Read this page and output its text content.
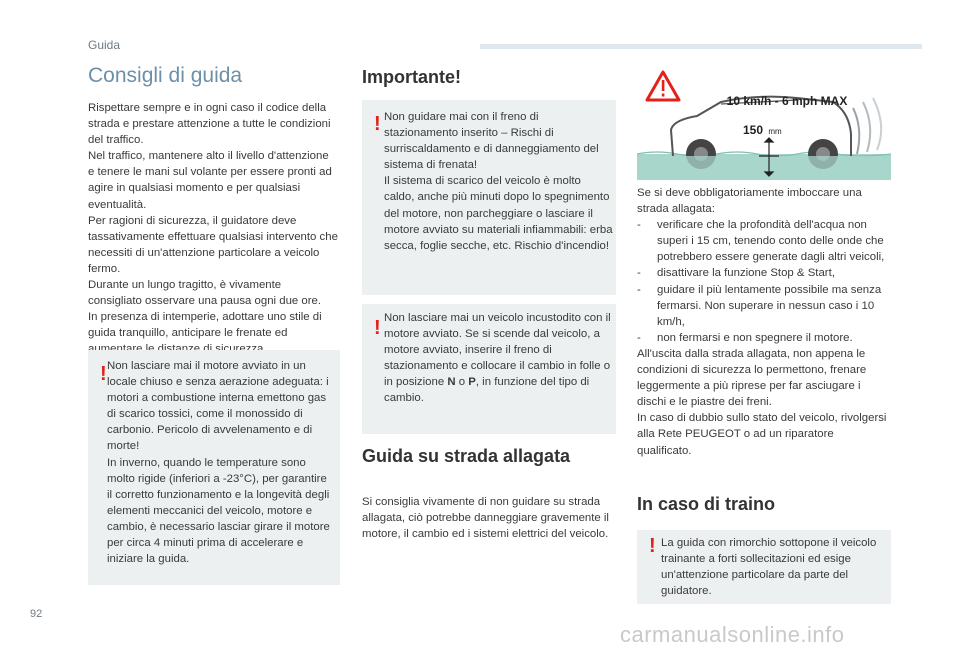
Guida
Consigli di guida

Rispettare sempre e in ogni caso il codice della strada e prestare attenzione a tutte le condizioni del traffico.

Nel traffico, mantenere alto il livello d'attenzione e tenere le mani sul volante per essere pronti ad agire in qualsiasi momento e per qualsiasi eventualità.

Per ragioni di sicurezza, il guidatore deve tassativamente effettuare qualsiasi intervento che necessiti di un'attenzione particolare a veicolo fermo.

Durante un lungo tragitto, è vivamente consigliato osservare una pausa ogni due ore.

In presenza di intemperie, adottare uno stile di guida tranquillo, anticipare le frenate ed

! Non lasciare mai il motore avviato in un locale chiuso e senza aerazione adeguata: i motori a combustione interna emettono gas di scarico tossici, come il monossido di carbonio. Pericolo di avvelenamento e di morte!

In inverno, quando le temperature sono molto rigide (inferiori a -23°C), per garantire il corretto funzionamento e la longevità degli elementi meccanici del veicolo, motore e cambio, è necessario lasciar girare il motore per circa 4 minuti prima di accelerare e iniziare la guida.

Importante!
! Non guidare mai con il freno di stazionamento inserito – Rischi di surriscaldamento e di danneggiamento del sistema di frenata!

Il sistema di scarico del veicolo è molto caldo, anche più minuti dopo lo spegnimento del motore, non parcheggiare o lasciare il motore avviato su materiali infiammabili: erba secca, foglie secche, etc. Rischio d'incendio!

! Non lasciare mai un veicolo incustodito con il motore avviato. Se si scende dal veicolo, a motore avviato, inserire il freno di stazionamento e collocare il cambio in folle o in posizione N o P, in funzione del tipo di cambio.
Guida su strada allagata
Si consiglia vivamente di non guidare su strada allagata, ciò potrebbe danneggiare gravemente il motore, il cambio ed i sistemi elettrici del veicolo.
10 km/h - 6 mph MAX
150 mm

Se si deve obbligatoriamente imboccare una strada allagata:

- verificare che la profondità dell'acqua non superi i 15 cm, tenendo conto delle onde che potrebbero essere generate dagli altri veicoli,
- disattivare la funzione Stop & Start,
- guidare il più lentamente possibile ma senza fermarsi. Non superare in nessun caso i 10 km/h,
- non fermarsi e non spegnere il motore.

All'uscita dalla strada allagata, non appena le condizioni di sicurezza lo permettono, frenare leggermente a più riprese per far asciugare i dischi e le piastre dei freni.

In caso di dubbio sullo stato del veicolo, rivolgersi alla Rete PEUGEOT o ad un riparatore qualificato.

In caso di traino
! La guida con rimorchio sottopone il veicolo trainante a forti sollecitazioni ed esige un'attenzione particolare da parte del guidatore.
92
carmanualsonline.info
